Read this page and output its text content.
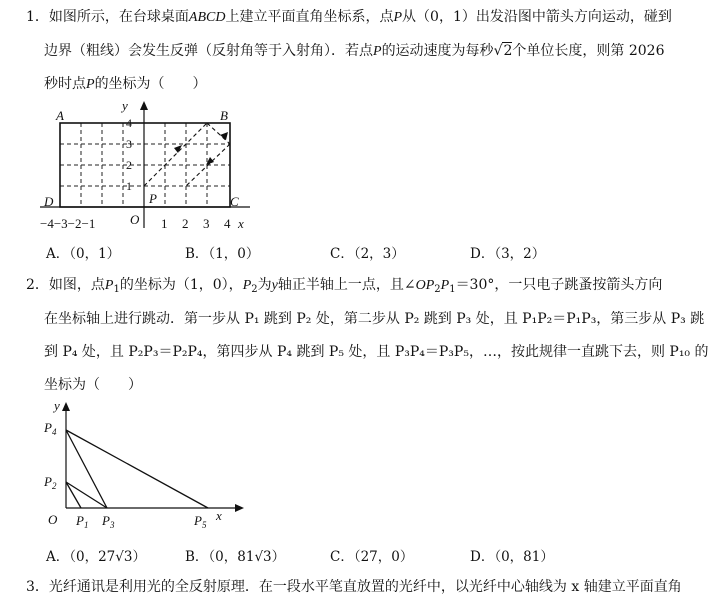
1．如图所示，在台球桌面ABCD上建立平面直角坐标系，点P从（0，1）出发沿图中箭头方向运动，碰到
边界（粗线）会发生反弹（反射角等于入射角）．若点P的运动速度为每秒√2个单位长度，则第 2026
秒时点P的坐标为（　　）
y
A	B
C
D	P
O
1
2
3
4
−4−3−2−1	1 2 3 4 x
A．（0，1）	B．（1，0）	C．（2，3）	D．（3，2）
2．如图，点$P_1$的坐标为（1，0），$P_2$为y轴正半轴上一点，且$\angle OP_2P_1=30^\circ$，一只电子跳蚤按箭头方向
在坐标轴上进行跳动．第一步从 P₁ 跳到 P₂ 处，第二步从 P₂ 跳到 P₃ 处，且 P₁P₂＝P₁P₃，第三步从 P₃ 跳
到 P₄ 处，且 P₂P₃＝P₂P₄，第四步从 P₄ 跳到 P₅ 处，且 P₃P₄＝P₃P₅，…，按此规律一直跳下去，则 P₁₀ 的
坐标为（　　）
y
x
O
$P_4$
$P_2$
$P_1$ $P_3$	$P_5$
A．（0，27√3）	B．（0，81√3）	C．（27，0）	D．（0，81）
3．光纤通讯是利用光的全反射原理．在一段水平笔直放置的光纤中，以光纤中心轴线为 x 轴建立平面直角
